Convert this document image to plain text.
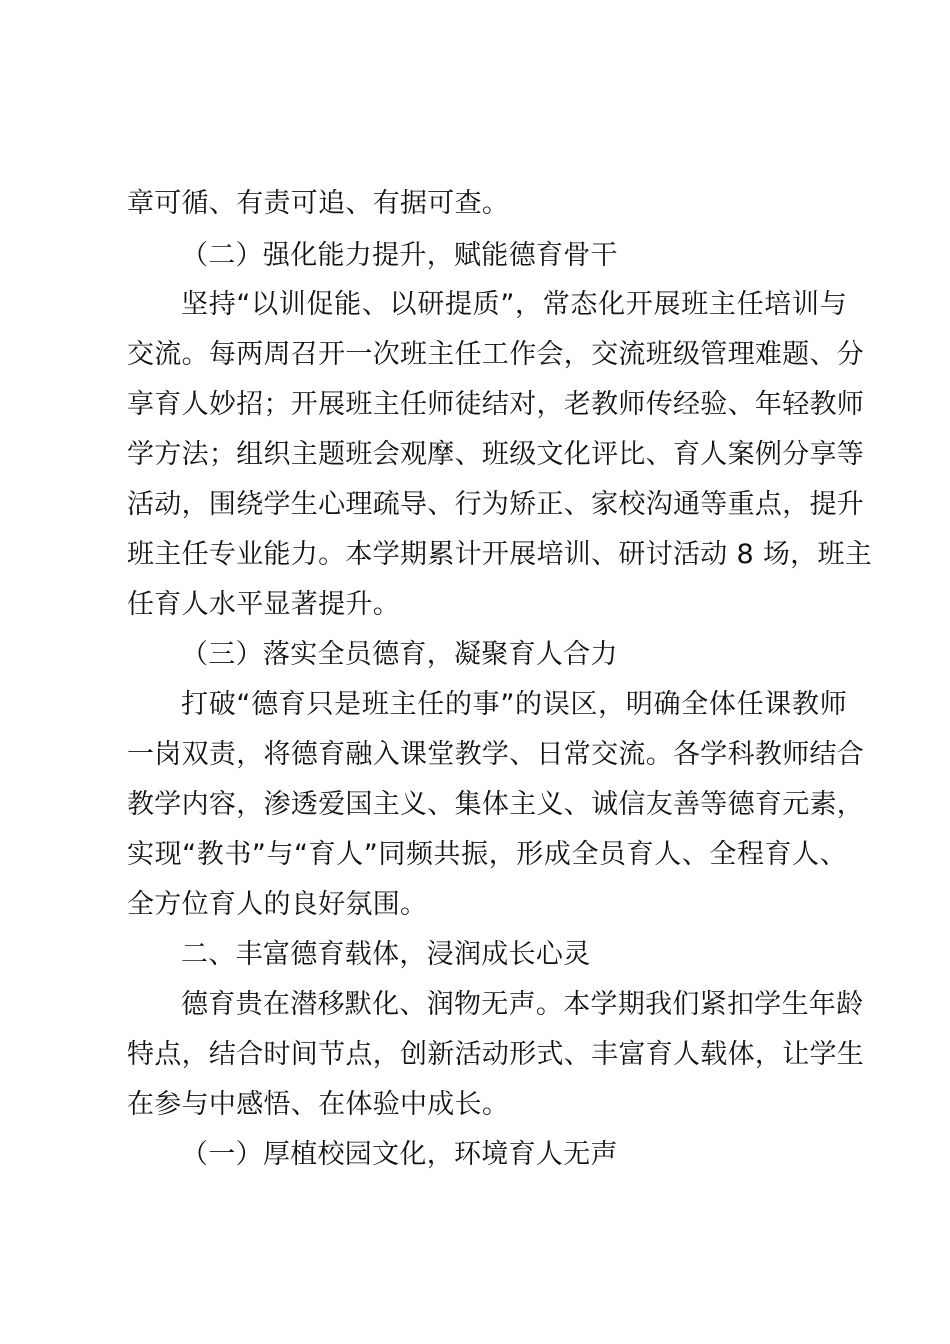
章可循、有责可追、有据可查。
（二）强化能力提升，赋能德育骨干
坚持“以训促能、以研提质”，常态化开展班主任培训与
交流。每两周召开一次班主任工作会，交流班级管理难题、分
享育人妙招；开展班主任师徒结对，老教师传经验、年轻教师
学方法；组织主题班会观摩、班级文化评比、育人案例分享等
活动，围绕学生心理疏导、行为矫正、家校沟通等重点，提升
班主任专业能力。本学期累计开展培训、研讨活动 8 场，班主
任育人水平显著提升。
（三）落实全员德育，凝聚育人合力
打破“德育只是班主任的事”的误区，明确全体任课教师
一岗双责，将德育融入课堂教学、日常交流。各学科教师结合
教学内容，渗透爱国主义、集体主义、诚信友善等德育元素，
实现“教书”与“育人”同频共振，形成全员育人、全程育人、
全方位育人的良好氛围。
二、丰富德育载体，浸润成长心灵
德育贵在潜移默化、润物无声。本学期我们紧扣学生年龄
特点，结合时间节点，创新活动形式、丰富育人载体，让学生
在参与中感悟、在体验中成长。
（一）厚植校园文化，环境育人无声
